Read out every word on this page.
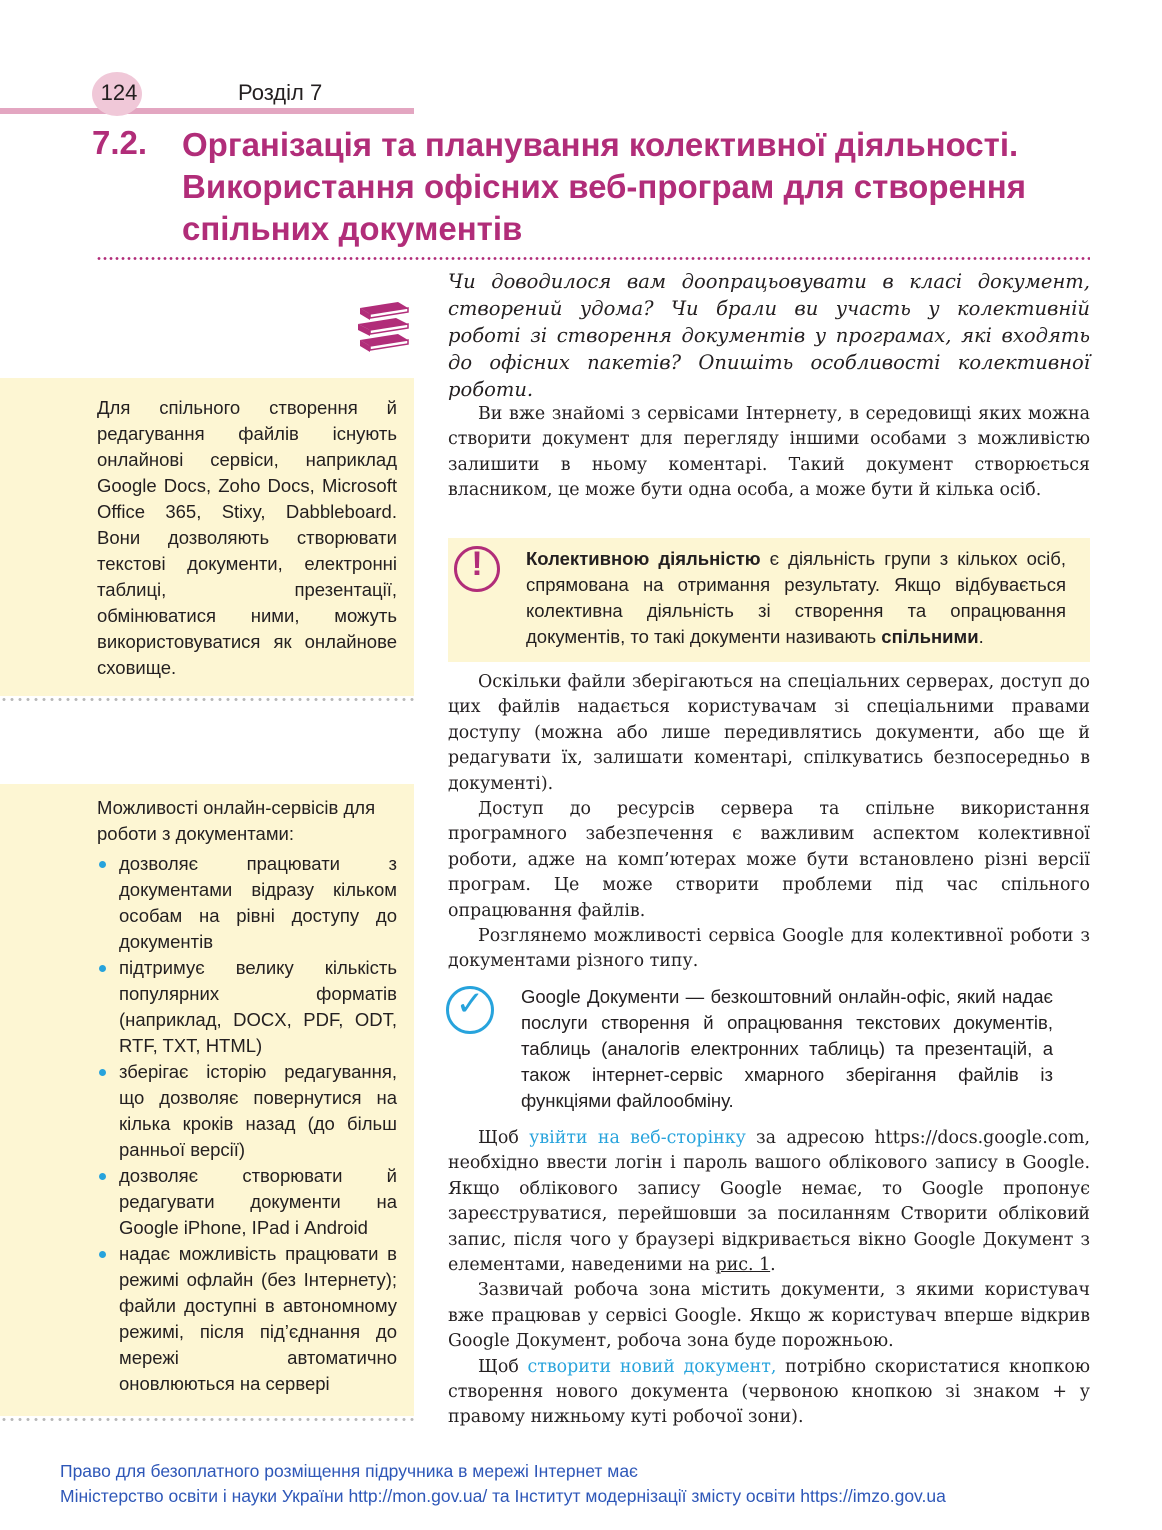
124	Розділ 7
7.2. Організація та планування колективної діяльності. Використання офісних веб-програм для створення спільних документів
Чи доводилося вам доопрацьовувати в класі документ, створений удома? Чи брали ви участь у колективній роботі зі створення документів у програмах, які входять до офісних пакетів? Опишіть особливості колективної роботи.
Для спільного створення й редагування файлів існують онлайнові сервіси, наприклад Google Docs, Zoho Docs, Microsoft Office 365, Stixy, Dabbleboard. Вони дозволяють створювати текстові документи, електронні таблиці, презентації, обмінюватися ними, можуть використовуватися як онлайнове сховище.
Можливості онлайн-сервісів для роботи з документами:
дозволяє працювати з документами відразу кільком особам на рівні доступу до документів
підтримує велику кількість популярних форматів (наприклад, DOCX, PDF, ODT, RTF, TXT, HTML)
зберігає історію редагування, що дозволяє повернутися на кілька кроків назад (до більш ранньої версії)
дозволяє створювати й редагувати документи на Google iPhone, IPad і Android
надає можливість працювати в режимі офлайн (без Інтернету); файли доступні в автономному режимі, після під’єднання до мережі автоматично оновлюються на сервері

Ви вже знайомі з сервісами Інтернету, в середовищі яких можна створити документ для перегляду іншими особами з можливістю залишити в ньому коментарі. Такий документ створюється власником, це може бути одна особа, а може бути й кілька осіб.

!	Колективною діяльністю є діяльність групи з кількох осіб, спрямована на отримання результату. Якщо відбувається колективна діяльність зі створення та опрацювання документів, то такі документи називають спільними.

Оскільки файли зберігаються на спеціальних серверах, доступ до цих файлів надається користувачам зі спеціальними правами доступу (можна або лише передивлятись документи, або ще й редагувати їх, залишати коментарі, спілкуватись безпосередньо в документі).

Доступ до ресурсів сервера та спільне використання програмного забезпечення є важливим аспектом колективної роботи, адже на комп’ютерах може бути встановлено різні версії програм. Це може створити проблеми під час спільного опрацювання файлів.

Розглянемо можливості сервіса Google для колективної роботи з документами різного типу.

✓	Google Документи — безкоштовний онлайн-офіс, який надає послуги створення й опрацювання текстових документів, таблиць (аналогів електронних таблиць) та презентацій, а також інтернет-сервіс хмарного зберігання файлів із функціями файлообміну.

Щоб увійти на веб-сторінку за адресою https://docs.google.com, необхідно ввести логін і пароль вашого облікового запису в Google. Якщо облікового запису Google немає, то Google пропонує зареєструватися, перейшовши за посиланням Створити обліковий запис, після чого у браузері відкривається вікно Google Документ з елементами, наведеними на рис. 1.

Зазвичай робоча зона містить документи, з якими користувач вже працював у сервісі Google. Якщо ж користувач вперше відкрив Google Документ, робоча зона буде порожньою.

Щоб створити новий документ, потрібно скористатися кнопкою створення нового документа (червоною кнопкою зі знаком + у правому нижньому куті робочої зони).

Право для безоплатного розміщення підручника в мережі Інтернет має
Міністерство освіти і науки України http://mon.gov.ua/ та Інститут модернізації змісту освіти https://imzo.gov.ua
